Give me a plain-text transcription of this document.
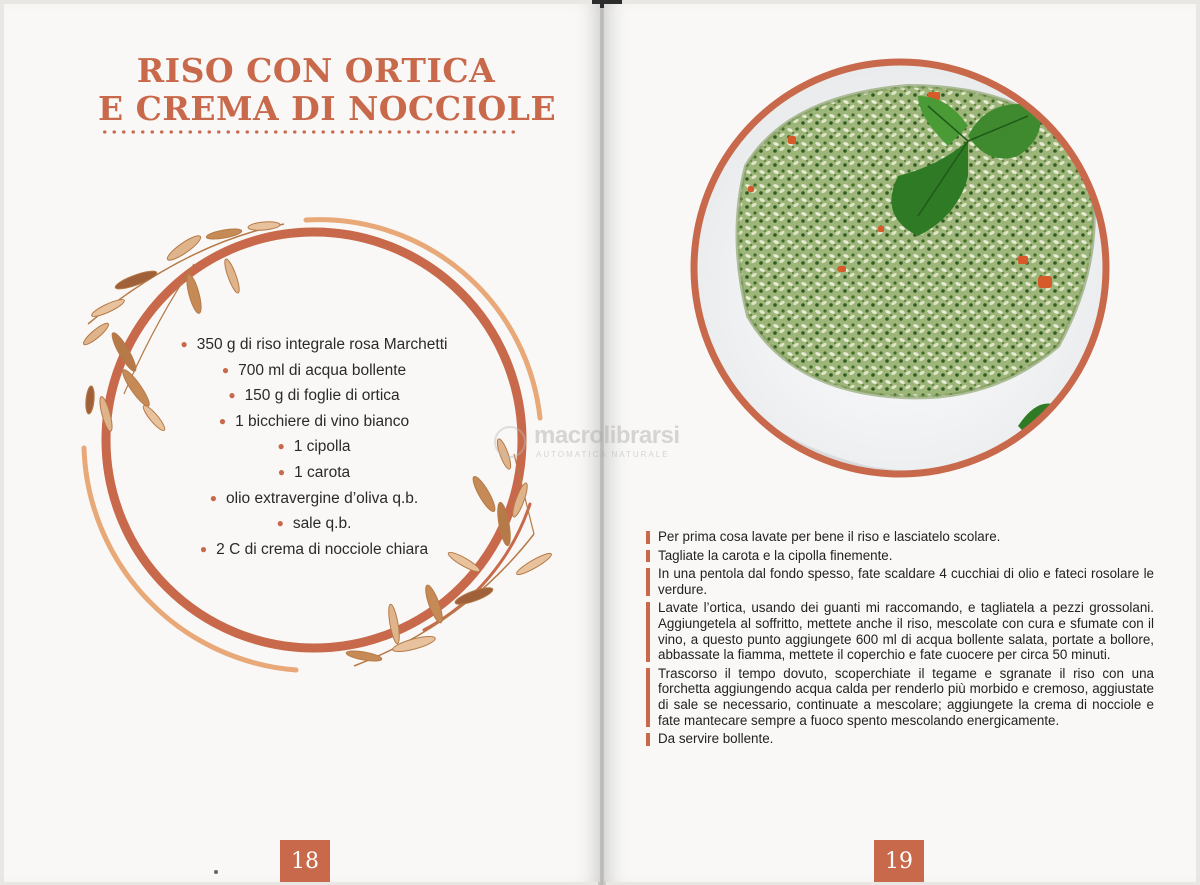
RISO CON ORTICA
E CREMA DI NOCCIOLE
● 350 g di riso integrale rosa Marchetti
● 700 ml di acqua bollente
● 150 g di foglie di ortica
● 1 bicchiere di vino bianco
● 1 cipolla
● 1 carota
● olio extravergine d’oliva q.b.
● sale q.b.
● 2 C di crema di nocciole chiara
18
Per prima cosa lavate per bene il riso e lasciatelo scolare.
Tagliate la carota e la cipolla finemente.
In una pentola dal fondo spesso, fate scaldare 4 cucchiai di olio e fateci rosolare le verdure.
Lavate l’ortica, usando dei guanti mi raccomando, e tagliatela a pezzi grossolani. Aggiungetela al soffritto, mettete anche il riso, mescolate con cura e sfumate con il vino, a questo punto aggiungete 600 ml di acqua bollente salata, portate a bollore, abbassate la fiamma, mettete il coperchio e fate cuocere per circa 50 minuti.
Trascorso il tempo dovuto, scoperchiate il tegame e sgranate il riso con una forchetta aggiungendo acqua calda per renderlo più morbido e cremoso, aggiustate di sale se necessario, continuate a mescolare; aggiungete la crema di nocciole e fate mantecare sempre a fuoco spento mescolando energicamente.
Da servire bollente.
19
macrolibrarsi
AUTOMATICA NATURALE
